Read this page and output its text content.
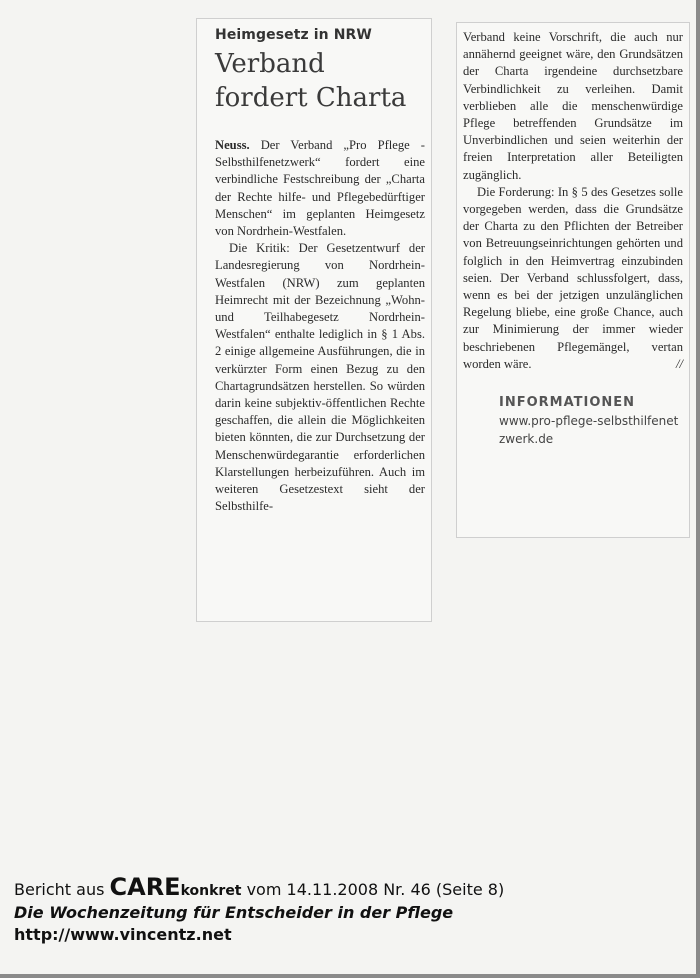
Heimgesetz in NRW
Verband
fordert Charta

Neuss. Der Verband „Pro Pflege - Selbsthilfenetzwerk“ fordert eine verbindliche Festschreibung der „Charta der Rechte hilfe- und Pflegebedürftiger Menschen“ im geplanten Heimgesetz von Nordrhein-Westfalen.

Die Kritik: Der Gesetzentwurf der Landesregierung von Nordrhein-Westfalen (NRW) zum geplanten Heimrecht mit der Bezeichnung „Wohn- und Teilhabegesetz Nordrhein-Westfalen“ enthalte lediglich in § 1 Abs. 2 einige allgemeine Ausführungen, die in verkürzter Form einen Bezug zu den Chartagrundsätzen herstellen. So würden darin keine subjektiv-öffentlichen Rechte geschaffen, die allein die Möglichkeiten bieten könnten, die zur Durchsetzung der Menschenwürdegarantie erforderlichen Klarstellungen herbeizuführen. Auch im weiteren Gesetzestext sieht der Selbsthilfe-

Verband keine Vorschrift, die auch nur annähernd geeignet wäre, den Grundsätzen der Charta irgendeine durchsetzbare Verbindlichkeit zu verleihen. Damit verblieben alle die menschenwürdige Pflege betreffenden Grundsätze im Unverbindlichen und seien weiterhin der freien Interpretation aller Beteiligten zugänglich.

Die Forderung: In § 5 des Gesetzes solle vorgegeben werden, dass die Grundsätze der Charta zu den Pflichten der Betreiber von Betreuungseinrichtungen gehörten und folglich in den Heimvertrag einzubinden seien. Der Verband schlussfolgert, dass, wenn es bei der jetzigen unzulänglichen Regelung bliebe, eine große Chance, auch zur Minimierung der immer wieder beschriebenen Pflegemängel, vertan worden wäre.	//

INFORMATIONEN
www.pro-pflege-selbsthilfenetzwerk.de
Bericht aus CAREkonkret vom 14.11.2008 Nr. 46 (Seite 8)
Die Wochenzeitung für Entscheider in der Pflege
http://www.vincentz.net
